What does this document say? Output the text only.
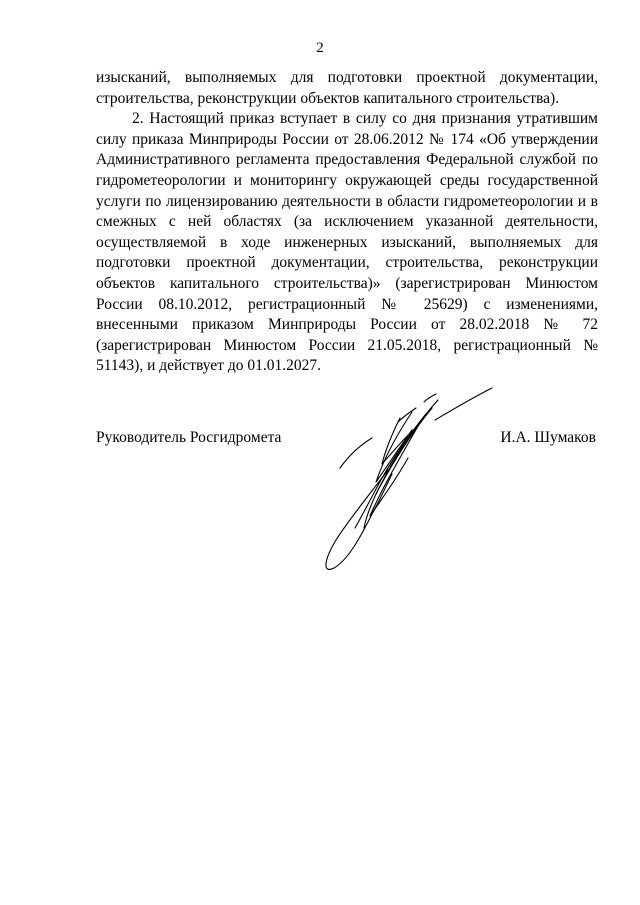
2

изысканий, выполняемых для подготовки проектной документации, строительства, реконструкции объектов капитального строительства).

2. Настоящий приказ вступает в силу со дня признания утратившим силу приказа Минприроды России от 28.06.2012 № 174 «Об утверждении Административного регламента предоставления Федеральной службой по гидрометеорологии и мониторингу окружающей среды государственной услуги по лицензированию деятельности в области гидрометеорологии и в смежных с ней областях (за исключением указанной деятельности, осуществляемой в ходе инженерных изысканий, выполняемых для подготовки проектной документации, строительства, реконструкции объектов капитального строительства)» (зарегистрирован Минюстом России 08.10.2012, регистрационный № 25629) с изменениями, внесенными приказом Минприроды России от 28.02.2018 № 72 (зарегистрирован Минюстом России 21.05.2018, регистрационный № 51143), и действует до 01.01.2027.

Руководитель Росгидромета	И.А. Шумаков
